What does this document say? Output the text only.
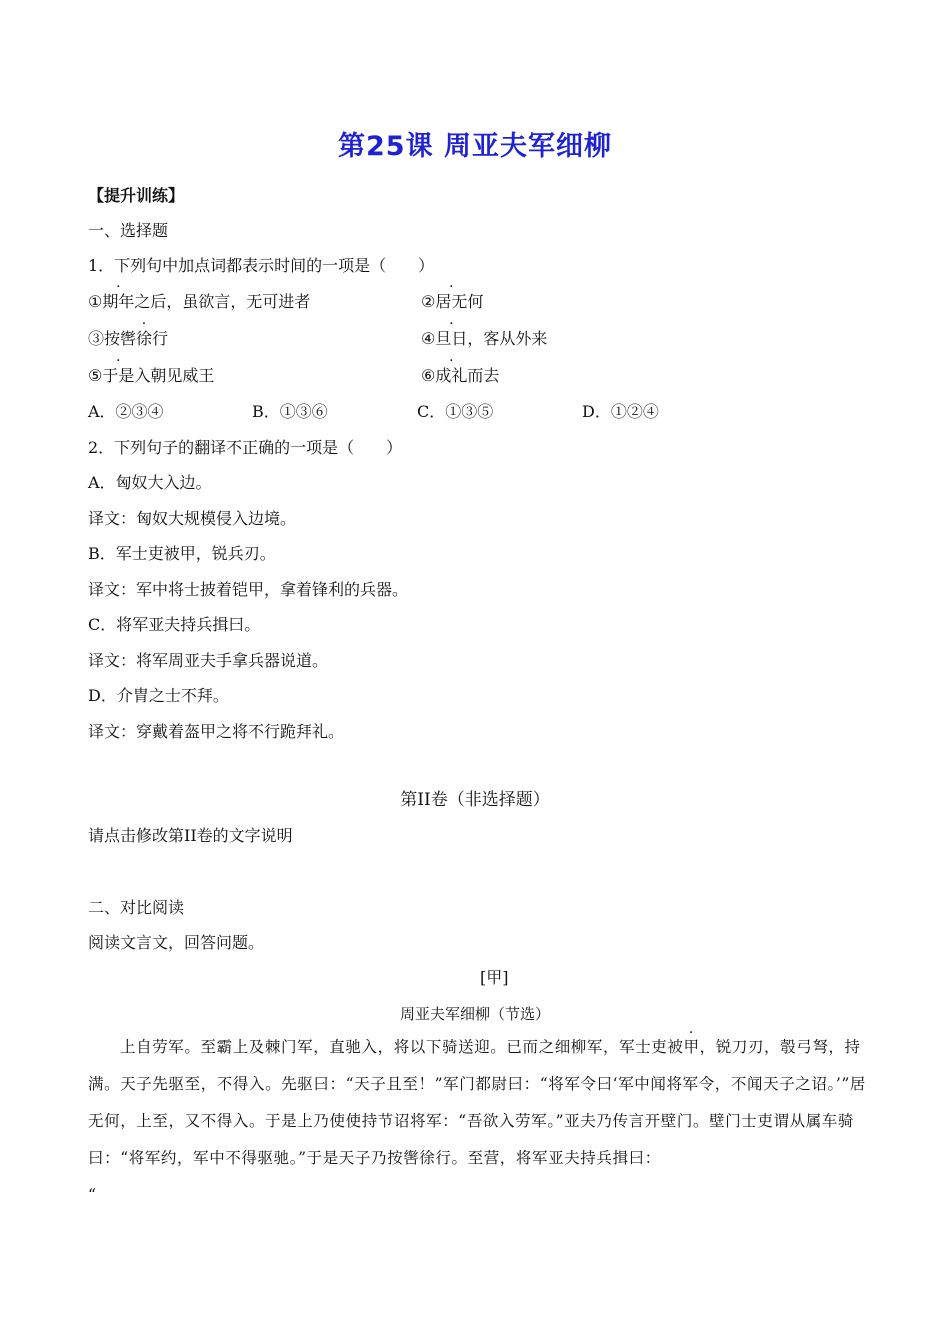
第25课 周亚夫军细柳
【提升训练】
一、选择题
1．下列句中加点词都表示时间的一项是（　　）
①期年之后，虽欲言，无可进者	②居无何
③按辔徐行	④旦日，客从外来
⑤于是入朝见威王	⑥成礼而去
A．②③④	B．①③⑥	C．①③⑤	D．①②④
2．下列句子的翻译不正确的一项是（　　）
A．匈奴大入边。
译文：匈奴大规模侵入边境。
B．军士吏被甲，锐兵刃。
译文：军中将士披着铠甲，拿着锋利的兵器。
C．将军亚夫持兵揖曰。
译文：将军周亚夫手拿兵器说道。
D．介胄之士不拜。
译文：穿戴着盔甲之将不行跪拜礼。
第II卷（非选择题）
请点击修改第II卷的文字说明
二、对比阅读
阅读文言文，回答问题。
[甲]
周亚夫军细柳（节选）

上自劳军。至霸上及棘门军，直驰入，将以下骑送迎。已而之细柳军，军士吏被甲，锐刀刃，彀弓弩，持满。天子先驱至，不得入。先驱曰：“天子且至！”军门都尉曰：“将军令曰‘军中闻将军令，不闻天子之诏。’”居无何，上至，又不得入。于是上乃使使持节诏将军：“吾欲入劳军。”亚夫乃传言开壁门。壁门士吏谓从属车骑曰：“将军约，军中不得驱驰。”于是天子乃按辔徐行。至营，将军亚夫持兵揖曰：

“
